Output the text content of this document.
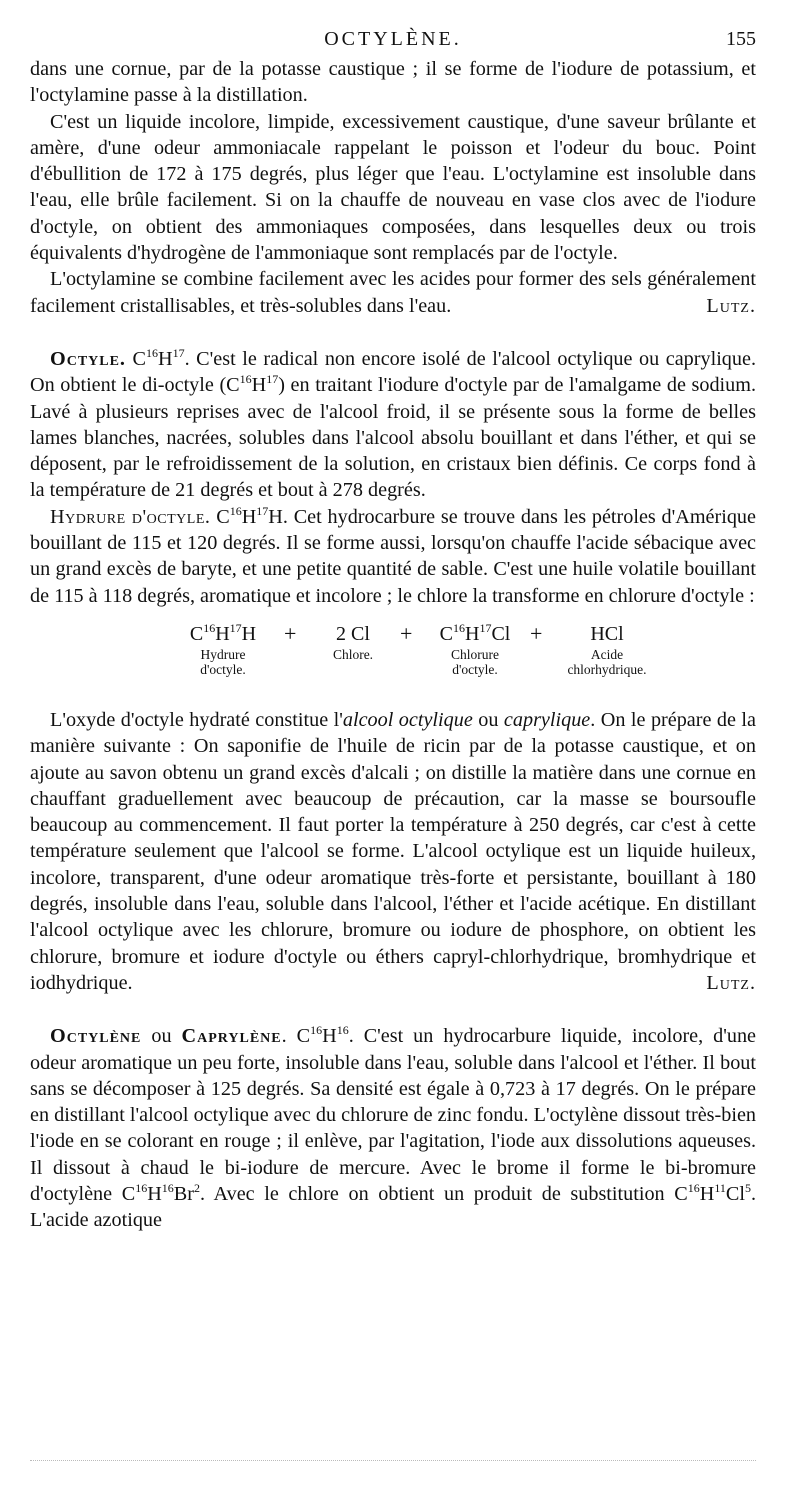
OCTYLÈNE.	155

dans une cornue, par de la potasse caustique ; il se forme de l'iodure de potassium, et l'octylamine passe à la distillation.

C'est un liquide incolore, limpide, excessivement caustique, d'une saveur brûlante et amère, d'une odeur ammoniacale rappelant le poisson et l'odeur du bouc. Point d'ébullition de 172 à 175 degrés, plus léger que l'eau. L'octylamine est insoluble dans l'eau, elle brûle facilement. Si on la chauffe de nouveau en vase clos avec de l'iodure d'octyle, on obtient des ammoniaques composées, dans lesquelles deux ou trois équivalents d'hydrogène de l'ammoniaque sont remplacés par de l'octyle.

L'octylamine se combine facilement avec les acides pour former des sels généralement facilement cristallisables, et très-solubles dans l'eau.	Lutz.

Octyle. $C^{16}H^{17}$. C'est le radical non encore isolé de l'alcool octylique ou caprylique. On obtient le di-octyle $(C^{16}H^{17})$ en traitant l'iodure d'octyle par de l'amalgame de sodium. Lavé à plusieurs reprises avec de l'alcool froid, il se présente sous la forme de belles lames blanches, nacrées, solubles dans l'alcool absolu bouillant et dans l'éther, et qui se déposent, par le refroidissement de la solution, en cristaux bien définis. Ce corps fond à la température de 21 degrés et bout à 278 degrés.

Hydrure d'octyle. $C^{16}H^{17}H$. Cet hydrocarbure se trouve dans les pétroles d'Amérique bouillant de 115 et 120 degrés. Il se forme aussi, lorsqu'on chauffe l'acide sébacique avec un grand excès de baryte, et une petite quantité de sable. C'est une huile volatile bouillant de 115 à 118 degrés, aromatique et incolore ; le chlore la transforme en chlorure d'octyle :

$C^{16}H^{17}H$
Hydrure
d'octyle.
+	2 Cl
Chlore.
+	$C^{16}H^{17}Cl$
Chlorure
d'octyle.
+	HCl
Acide
chlorhydrique.

L'oxyde d'octyle hydraté constitue l'alcool octylique ou caprylique. On le prépare de la manière suivante : On saponifie de l'huile de ricin par de la potasse caustique, et on ajoute au savon obtenu un grand excès d'alcali ; on distille la matière dans une cornue en chauffant graduellement avec beaucoup de précaution, car la masse se boursoufle beaucoup au commencement. Il faut porter la température à 250 degrés, car c'est à cette température seulement que l'alcool se forme. L'alcool octylique est un liquide huileux, incolore, transparent, d'une odeur aromatique très-forte et persistante, bouillant à 180 degrés, insoluble dans l'eau, soluble dans l'alcool, l'éther et l'acide acétique. En distillant l'alcool octylique avec les chlorure, bromure ou iodure de phosphore, on obtient les chlorure, bromure et iodure d'octyle ou éthers capryl-chlorhydrique, bromhydrique et iodhydrique.	Lutz.

Octylène ou Caprylène. $C^{16}H^{16}$. C'est un hydrocarbure liquide, incolore, d'une odeur aromatique un peu forte, insoluble dans l'eau, soluble dans l'alcool et l'éther. Il bout sans se décomposer à 125 degrés. Sa densité est égale à 0,723 à 17 degrés. On le prépare en distillant l'alcool octylique avec du chlorure de zinc fondu. L'octylène dissout très-bien l'iode en se colorant en rouge ; il enlève, par l'agitation, l'iode aux dissolutions aqueuses. Il dissout à chaud le bi-iodure de mercure. Avec le brome il forme le bi-bromure d'octylène $C^{16}H^{16}Br^2$. Avec le chlore on obtient un produit de substitution $C^{16}H^{11}Cl^5$. L'acide azotique
